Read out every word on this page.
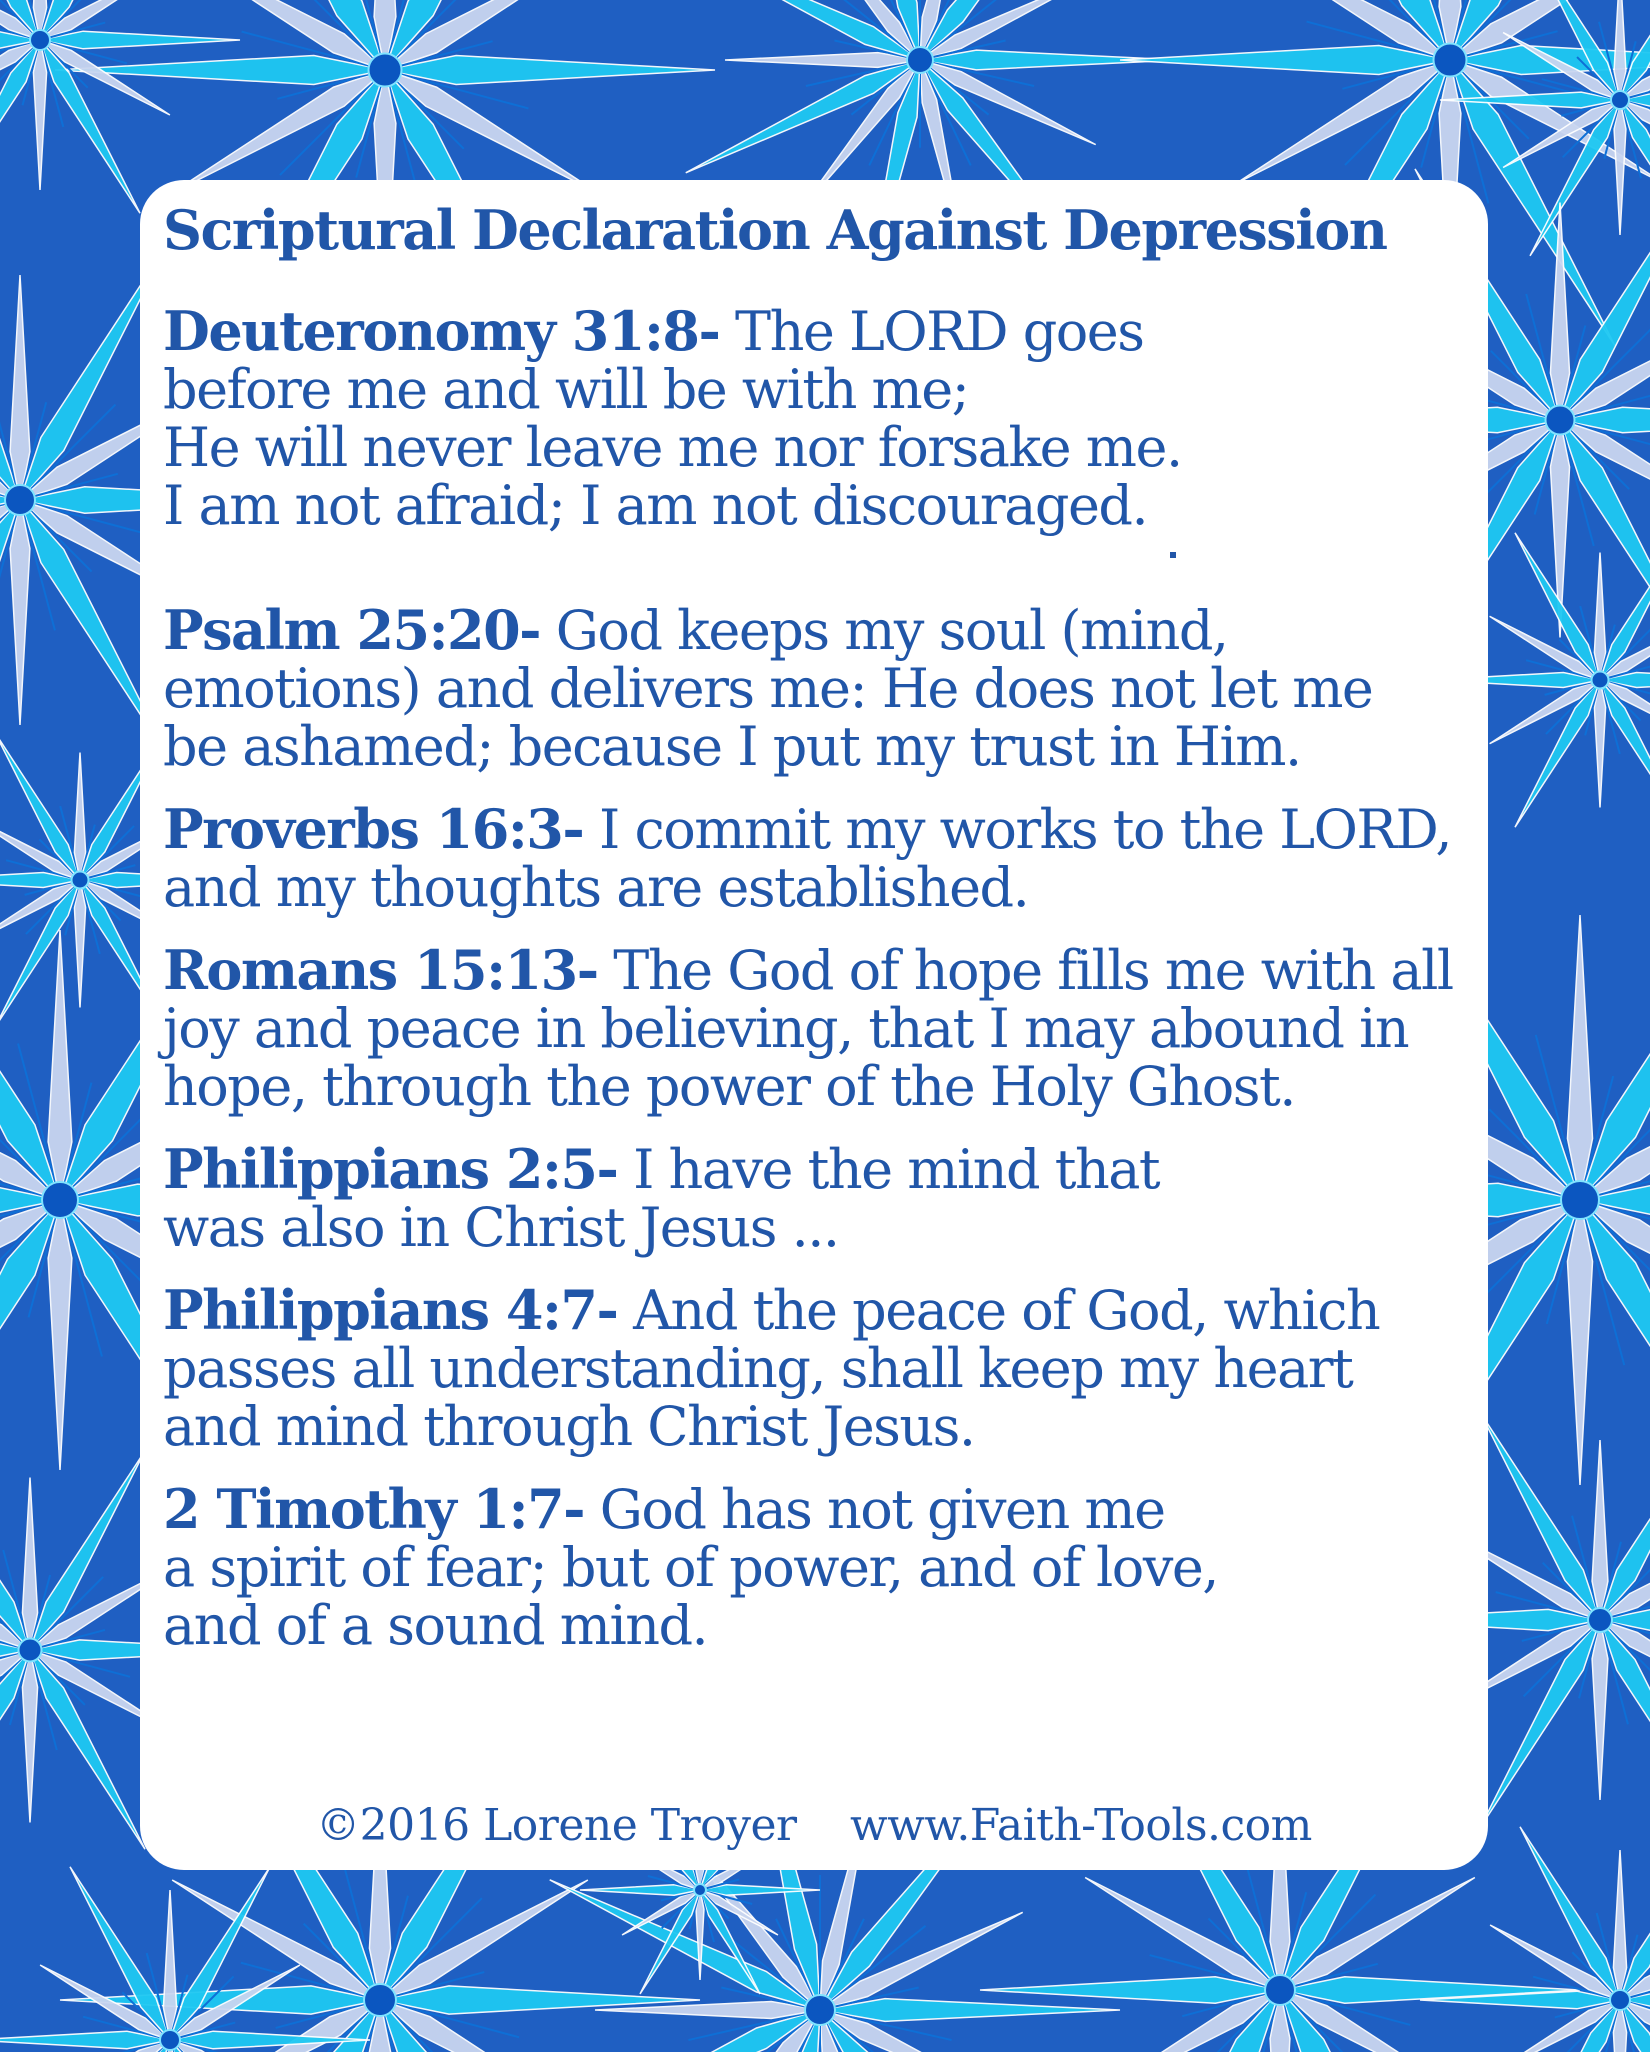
Scriptural Declaration Against Depression
Deuteronomy 31:8- The LORD goes
before me and will be with me;
He will never leave me nor forsake me.
I am not afraid; I am not discouraged.
Psalm 25:20- God keeps my soul (mind,
emotions) and delivers me: He does not let me
be ashamed; because I put my trust in Him.
Proverbs 16:3- I commit my works to the LORD,
and my thoughts are established.
Romans 15:13- The God of hope fills me with all
joy and peace in believing, that I may abound in
hope, through the power of the Holy Ghost.
Philippians 2:5- I have the mind that
was also in Christ Jesus ...
Philippians 4:7- And the peace of God, which
passes all understanding, shall keep my heart
and mind through Christ Jesus.
2 Timothy 1:7- God has not given me
a spirit of fear; but of power, and of love,
and of a sound mind.
©2016 Lorene Troyer www.Faith-Tools.com
